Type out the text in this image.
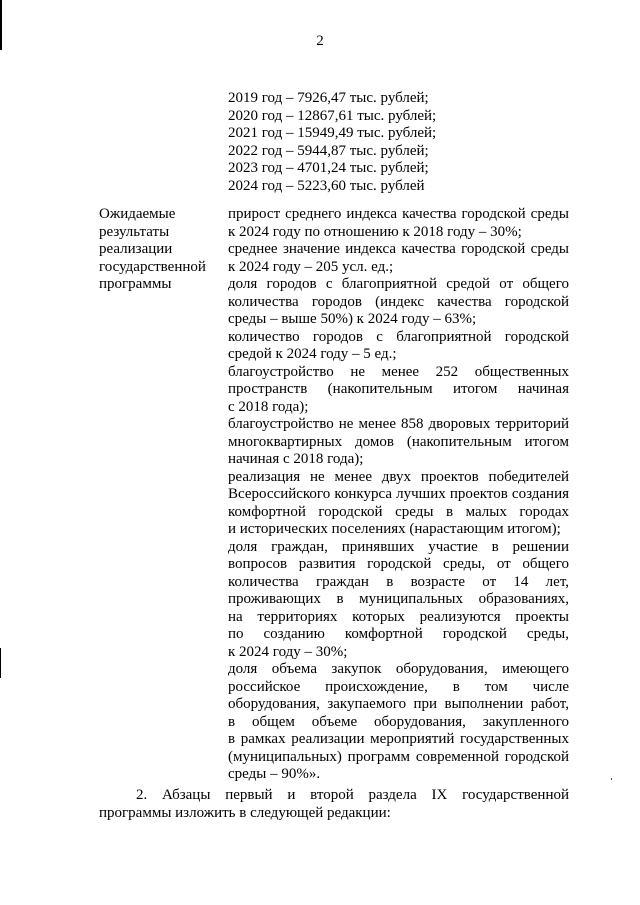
2
2019 год – 7926,47 тыс. рублей;
2020 год – 12867,61 тыс. рублей;
2021 год – 15949,49 тыс. рублей;
2022 год – 5944,87 тыс. рублей;
2023 год – 4701,24 тыс. рублей;
2024 год – 5223,60 тыс. рублей
Ожидаемые
результаты
реализации
государственной
программы
прирост среднего индекса качества городской среды
к 2024 году по отношению к 2018 году – 30%;
среднее значение индекса качества городской среды
к 2024 году – 205 усл. ед.;
доля городов с благоприятной средой от общего
количества городов (индекс качества городской
среды – выше 50%) к 2024 году – 63%;
количество городов с благоприятной городской
средой к 2024 году – 5 ед.;
благоустройство не менее 252 общественных
пространств (накопительным итогом начиная
с 2018 года);
благоустройство не менее 858 дворовых территорий
многоквартирных домов (накопительным итогом
начиная с 2018 года);
реализация не менее двух проектов победителей
Всероссийского конкурса лучших проектов создания
комфортной городской среды в малых городах
и исторических поселениях (нарастающим итогом);
доля граждан, принявших участие в решении
вопросов развития городской среды, от общего
количества граждан в возрасте от 14 лет,
проживающих в муниципальных образованиях,
на территориях которых реализуются проекты
по созданию комфортной городской среды,
к 2024 году – 30%;
доля объема закупок оборудования, имеющего
российское происхождение, в том числе
оборудования, закупаемого при выполнении работ,
в общем объеме оборудования, закупленного
в рамках реализации мероприятий государственных
(муниципальных) программ современной городской
среды – 90%».
2. Абзацы первый и второй раздела IX государственной
программы изложить в следующей редакции:
